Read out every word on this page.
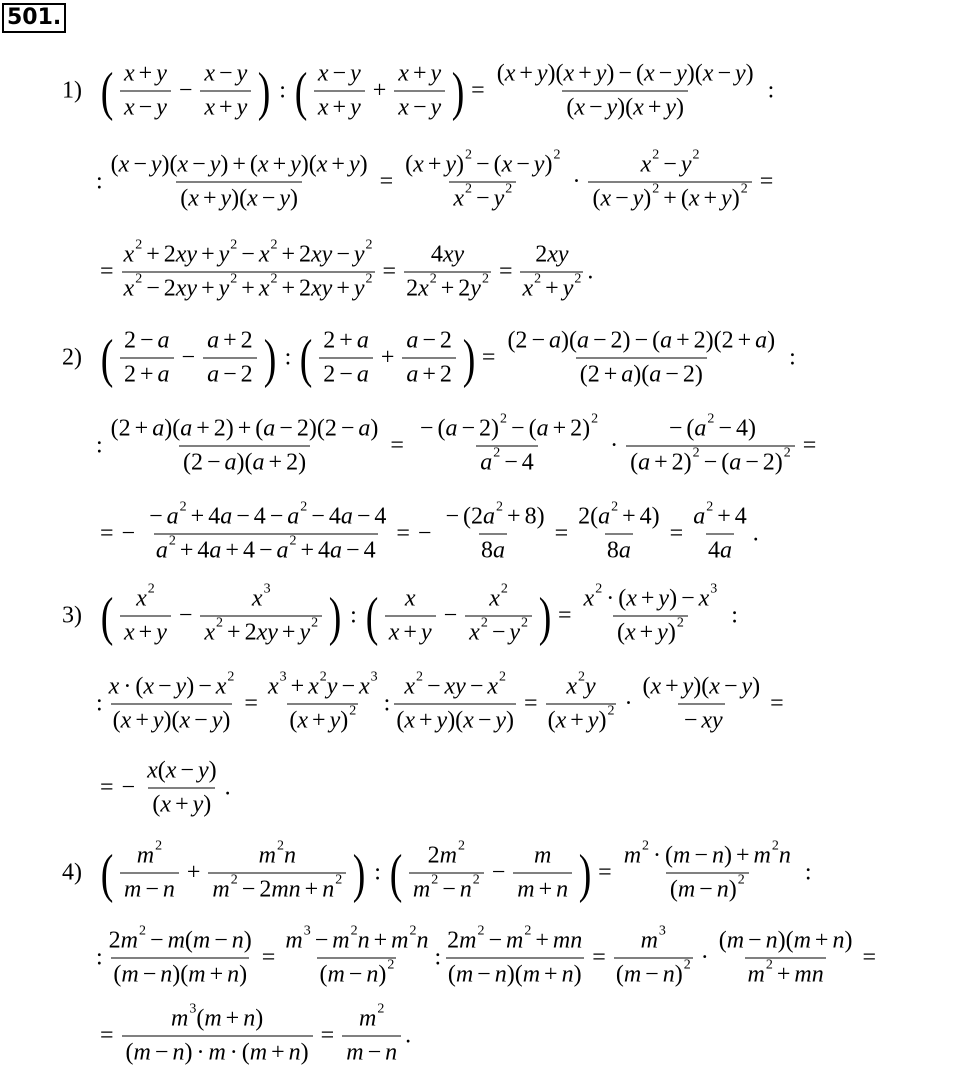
501.
1) ( $\frac{x + y}{x - y} - \frac{x - y}{x + y}$ ) : ( $\frac{x - y}{x + y} + \frac{x + y}{x - y}$ ) = $\frac{( x + y )( x + y ) - ( x - y )( x - y )}{( x - y )( x + y )}$ :
: $\frac{( x - y )( x - y ) + ( x + y )( x + y )}{( x + y )( x - y )} = \frac{( x + y ) 2 - ( x - y ) 2}{x 2 - y 2} \cdot \frac{x 2 - y 2}{( x - y ) 2 + ( x + y ) 2}$ =
= $\frac{x 2 + 2 xy + y 2 - x 2 + 2 xy - y 2}{x 2 - 2 xy + y 2 + x 2 + 2 xy + y 2} = \frac{4 xy}{2 x 2 + 2 y 2} = \frac{2 xy}{x 2 + y 2}$ .
2) ( $\frac{2 - a}{2 + a} - \frac{a + 2}{a - 2}$ ) : ( $\frac{2 + a}{2 - a} + \frac{a - 2}{a + 2}$ ) = $\frac{(2 - a )( a - 2) - ( a + 2)(2 + a )}{(2 + a )( a - 2)}$ :
: $\frac{(2 + a )( a + 2) + ( a - 2)(2 - a )}{(2 - a )( a + 2)} = \frac{- ( a - 2) 2 - ( a + 2) 2}{a 2 - 4} \cdot \frac{- ( a 2 - 4)}{( a + 2) 2 - ( a - 2) 2}$ =
= − $\frac{- a 2 + 4 a - 4 - a 2 - 4 a - 4}{a 2 + 4 a + 4 - a 2 + 4 a - 4}$ = − $\frac{- (2 a 2 + 8)}{8 a} = \frac{2( a 2 + 4)}{8 a} = \frac{a 2 + 4}{4 a}$ .
3) ( $\frac{x 2}{x + y} - \frac{x 3}{x 2 + 2 xy + y 2}$ ) : ( $\frac{x}{x + y} - \frac{x 2}{x 2 - y 2}$ ) = $\frac{x 2 \cdot ( x + y ) - x 3}{( x + y ) 2}$ :
: $\frac{x \cdot ( x - y ) - x 2}{( x + y )( x - y )} = \frac{x 3 + x 2 y - x 3}{( x + y ) 2}$ : $\frac{x 2 - xy - x 2}{( x + y )( x - y )} = \frac{x 2 y}{( x + y ) 2} \cdot \frac{( x + y )( x - y )}{- xy}$ =
= − $\frac{x ( x - y )}{( x + y )}$ .
4) ( $\frac{m 2}{m - n} + \frac{m 2 n}{m 2 - 2 mn + n 2}$ ) : ( $\frac{2 m 2}{m 2 - n 2} - \frac{m}{m + n}$ ) = $\frac{m 2 \cdot ( m - n ) + m 2 n}{( m - n ) 2}$ :
: $\frac{2 m 2 - m ( m - n )}{( m - n )( m + n )} = \frac{m 3 - m 2 n + m 2 n}{( m - n ) 2}$ : $\frac{2 m 2 - m 2 + mn}{( m - n )( m + n )} = \frac{m 3}{( m - n ) 2} \cdot \frac{( m - n )( m + n )}{m 2 + mn}$ =
= $\frac{m 3 ( m + n )}{( m - n ) \cdot m \cdot ( m + n )} = \frac{m 2}{m - n}$ .
